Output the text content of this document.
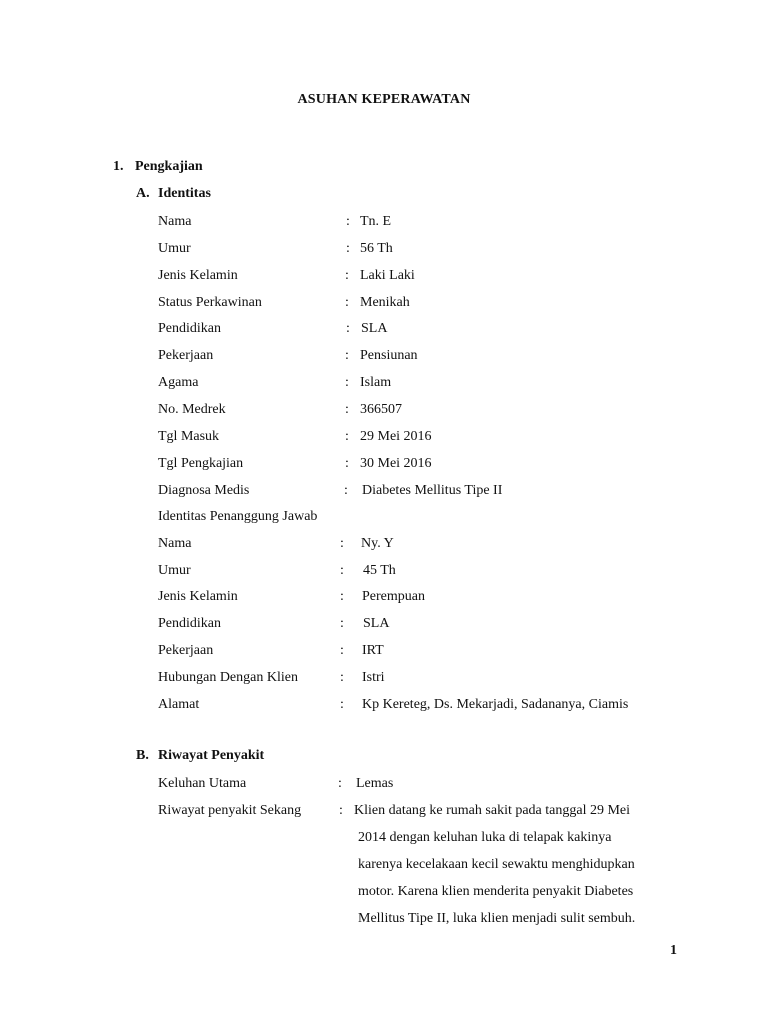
ASUHAN KEPERAWATAN
1. Pengkajian
A. Identitas
Nama	: Tn. E
Umur	: 56 Th
Jenis Kelamin	: Laki Laki
Status Perkawinan	: Menikah
Pendidikan	: SLA
Pekerjaan	: Pensiunan
Agama	: Islam
No. Medrek	: 366507
Tgl Masuk	: 29 Mei 2016
Tgl Pengkajian	: 30 Mei 2016
Diagnosa Medis	: Diabetes Mellitus Tipe II
Identitas Penanggung Jawab
Nama	: Ny. Y
Umur	: 45 Th
Jenis Kelamin	: Perempuan
Pendidikan	: SLA
Pekerjaan	: IRT
Hubungan Dengan Klien	: Istri
Alamat	: Kp Kereteg, Ds. Mekarjadi, Sadananya, Ciamis
B. Riwayat Penyakit
Keluhan Utama	: Lemas
Riwayat penyakit Sekang	: Klien datang ke rumah sakit pada tanggal 29 Mei
2014 dengan keluhan luka di telapak kakinya
karenya kecelakaan kecil sewaktu menghidupkan
motor. Karena klien menderita penyakit Diabetes
Mellitus Tipe II, luka klien menjadi sulit sembuh.
1
